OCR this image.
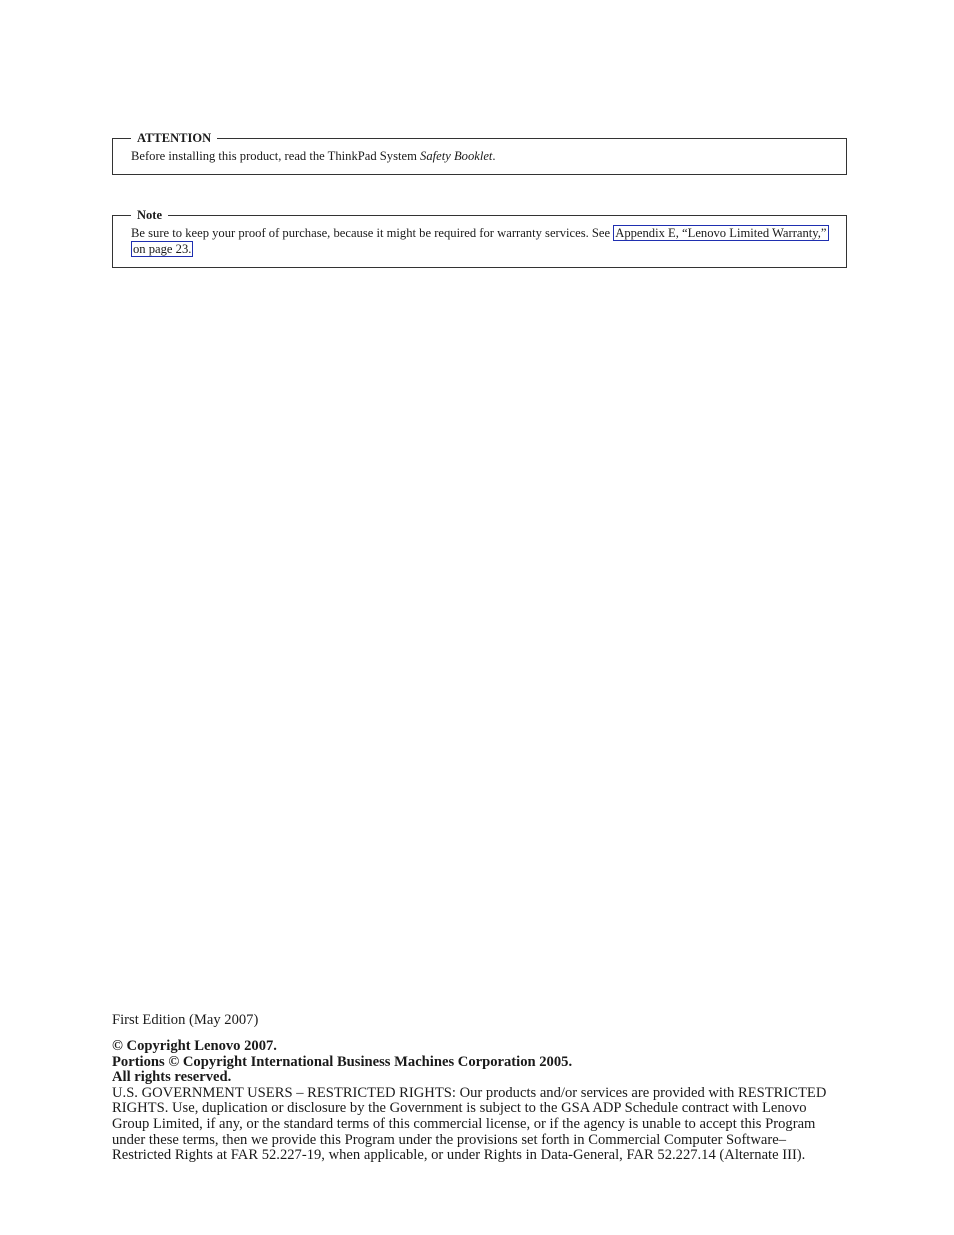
ATTENTION
Before installing this product, read the ThinkPad System Safety Booklet.
Note
Be sure to keep your proof of purchase, because it might be required for warranty services. See Appendix E, “Lenovo Limited Warranty,” on page 23.
First Edition (May 2007)

© Copyright Lenovo 2007.

Portions © Copyright International Business Machines Corporation 2005.

All rights reserved.

U.S. GOVERNMENT USERS – RESTRICTED RIGHTS: Our products and/or services are provided with RESTRICTED RIGHTS. Use, duplication or disclosure by the Government is subject to the GSA ADP Schedule contract with Lenovo Group Limited, if any, or the standard terms of this commercial license, or if the agency is unable to accept this Program under these terms, then we provide this Program under the provisions set forth in Commercial Computer Software–Restricted Rights at FAR 52.227-19, when applicable, or under Rights in Data-General, FAR 52.227.14 (Alternate III).
